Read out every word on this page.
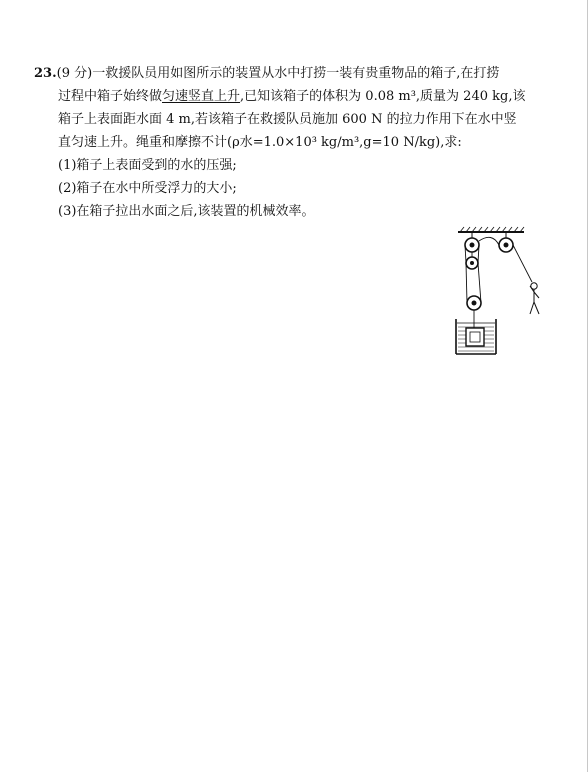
23.(9 分)一救援队员用如图所示的装置从水中打捞一装有贵重物品的箱子,在打捞
过程中箱子始终做匀速竖直上升,已知该箱子的体积为 0.08 m³,质量为 240 kg,该
箱子上表面距水面 4 m,若该箱子在救援队员施加 600 N 的拉力作用下在水中竖
直匀速上升。绳重和摩擦不计(ρ水=1.0×10³ kg/m³,g=10 N/kg),求:
(1)箱子上表面受到的水的压强;
(2)箱子在水中所受浮力的大小;
(3)在箱子拉出水面之后,该装置的机械效率。
